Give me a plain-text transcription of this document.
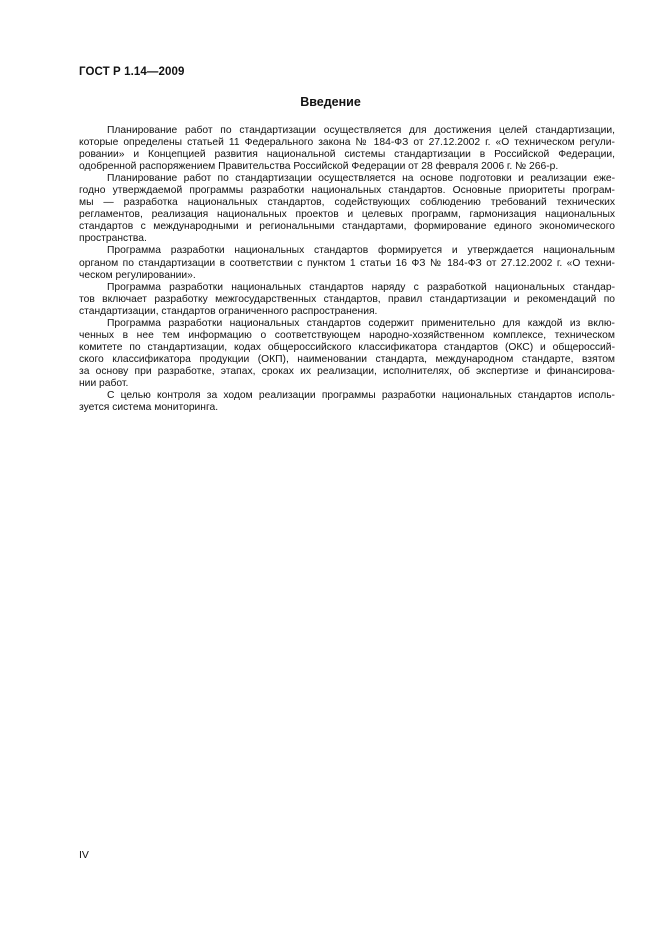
ГОСТ Р 1.14—2009
Введение
Планирование работ по стандартизации осуществляется для достижения целей стандартизации,
которые определены статьей 11 Федерального закона № 184-ФЗ от 27.12.2002 г. «О техническом регули-
ровании» и Концепцией развития национальной системы стандартизации в Российской Федерации,
одобренной распоряжением Правительства Российской Федерации от 28 февраля 2006 г. № 266-р.
Планирование работ по стандартизации осуществляется на основе подготовки и реализации еже-
годно утверждаемой программы разработки национальных стандартов. Основные приоритеты програм-
мы — разработка национальных стандартов, содействующих соблюдению требований технических
регламентов, реализация национальных проектов и целевых программ, гармонизация национальных
стандартов с международными и региональными стандартами, формирование единого экономического
пространства.
Программа разработки национальных стандартов формируется и утверждается национальным
органом по стандартизации в соответствии с пунктом 1 статьи 16 ФЗ № 184-ФЗ от 27.12.2002 г. «О техни-
ческом регулировании».
Программа разработки национальных стандартов наряду с разработкой национальных стандар-
тов включает разработку межгосударственных стандартов, правил стандартизации и рекомендаций по
стандартизации, стандартов ограниченного распространения.
Программа разработки национальных стандартов содержит применительно для каждой из вклю-
ченных в нее тем информацию о соответствующем народно-хозяйственном комплексе, техническом
комитете по стандартизации, кодах общероссийского классификатора стандартов (ОКС) и общероссий-
ского классификатора продукции (ОКП), наименовании стандарта, международном стандарте, взятом
за основу при разработке, этапах, сроках их реализации, исполнителях, об экспертизе и финансирова-
нии работ.
С целью контроля за ходом реализации программы разработки национальных стандартов исполь-
зуется система мониторинга.
IV
